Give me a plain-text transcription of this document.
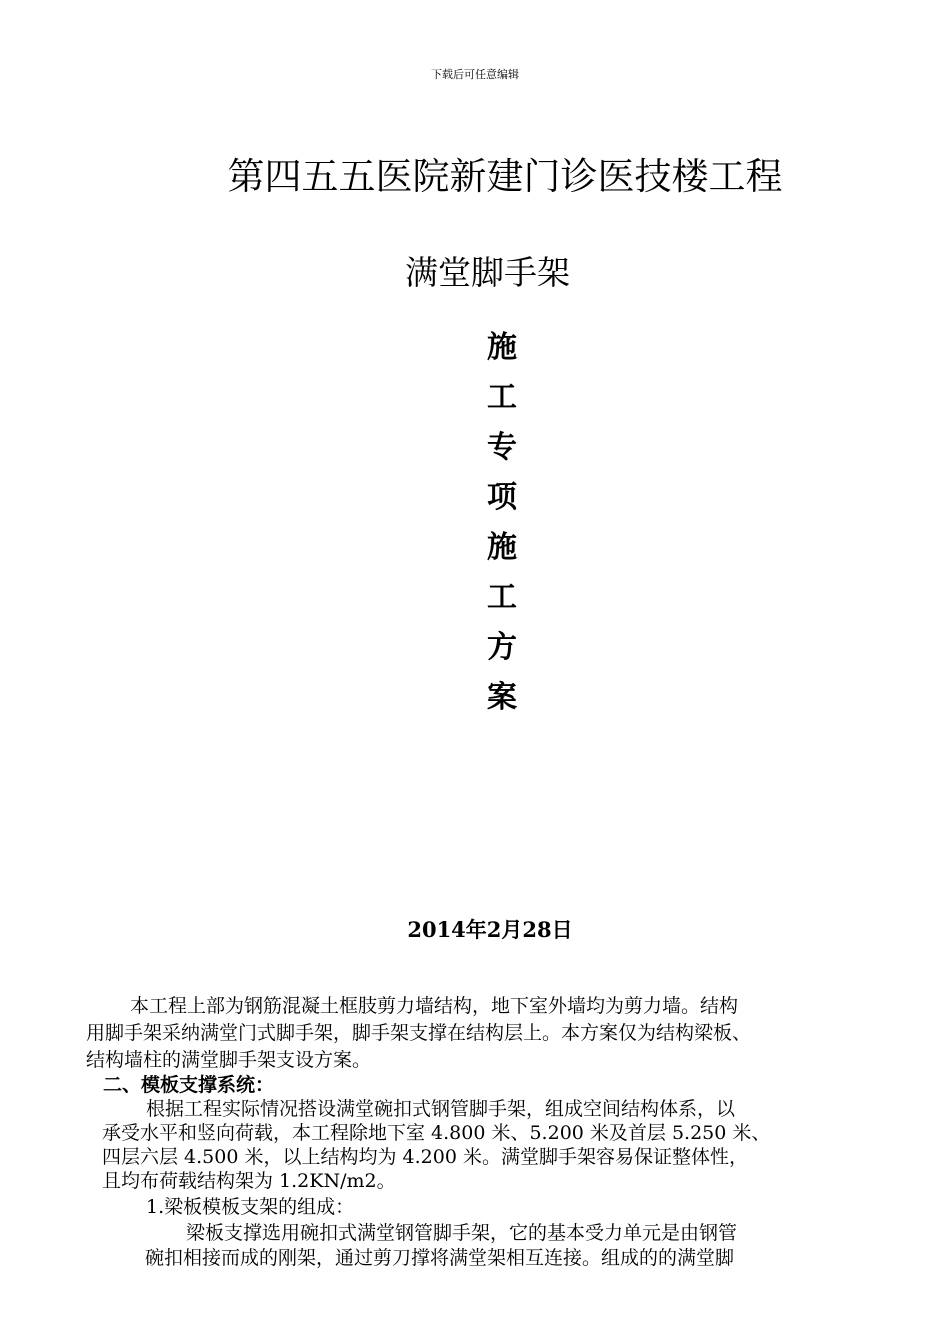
下载后可任意编辑
第四五五医院新建门诊医技楼工程
满堂脚手架
施
工
专
项
施
工
方
案
2014年2月28日
本工程上部为钢筋混凝土框肢剪力墙结构，地下室外墙均为剪力墙。结构
用脚手架采纳满堂门式脚手架，脚手架支撑在结构层上。本方案仅为结构梁板、
结构墙柱的满堂脚手架支设方案。
二、模板支撑系统：
根据工程实际情况搭设满堂碗扣式钢管脚手架，组成空间结构体系，以
承受水平和竖向荷载，本工程除地下室 4.800 米、5.200 米及首层 5.250 米、
四层六层 4.500 米，以上结构均为 4.200 米。满堂脚手架容易保证整体性，
且均布荷载结构架为 1.2KN/m2。
1.梁板模板支架的组成：
梁板支撑选用碗扣式满堂钢管脚手架，它的基本受力单元是由钢管
碗扣相接而成的刚架，通过剪刀撑将满堂架相互连接。组成的的满堂脚
